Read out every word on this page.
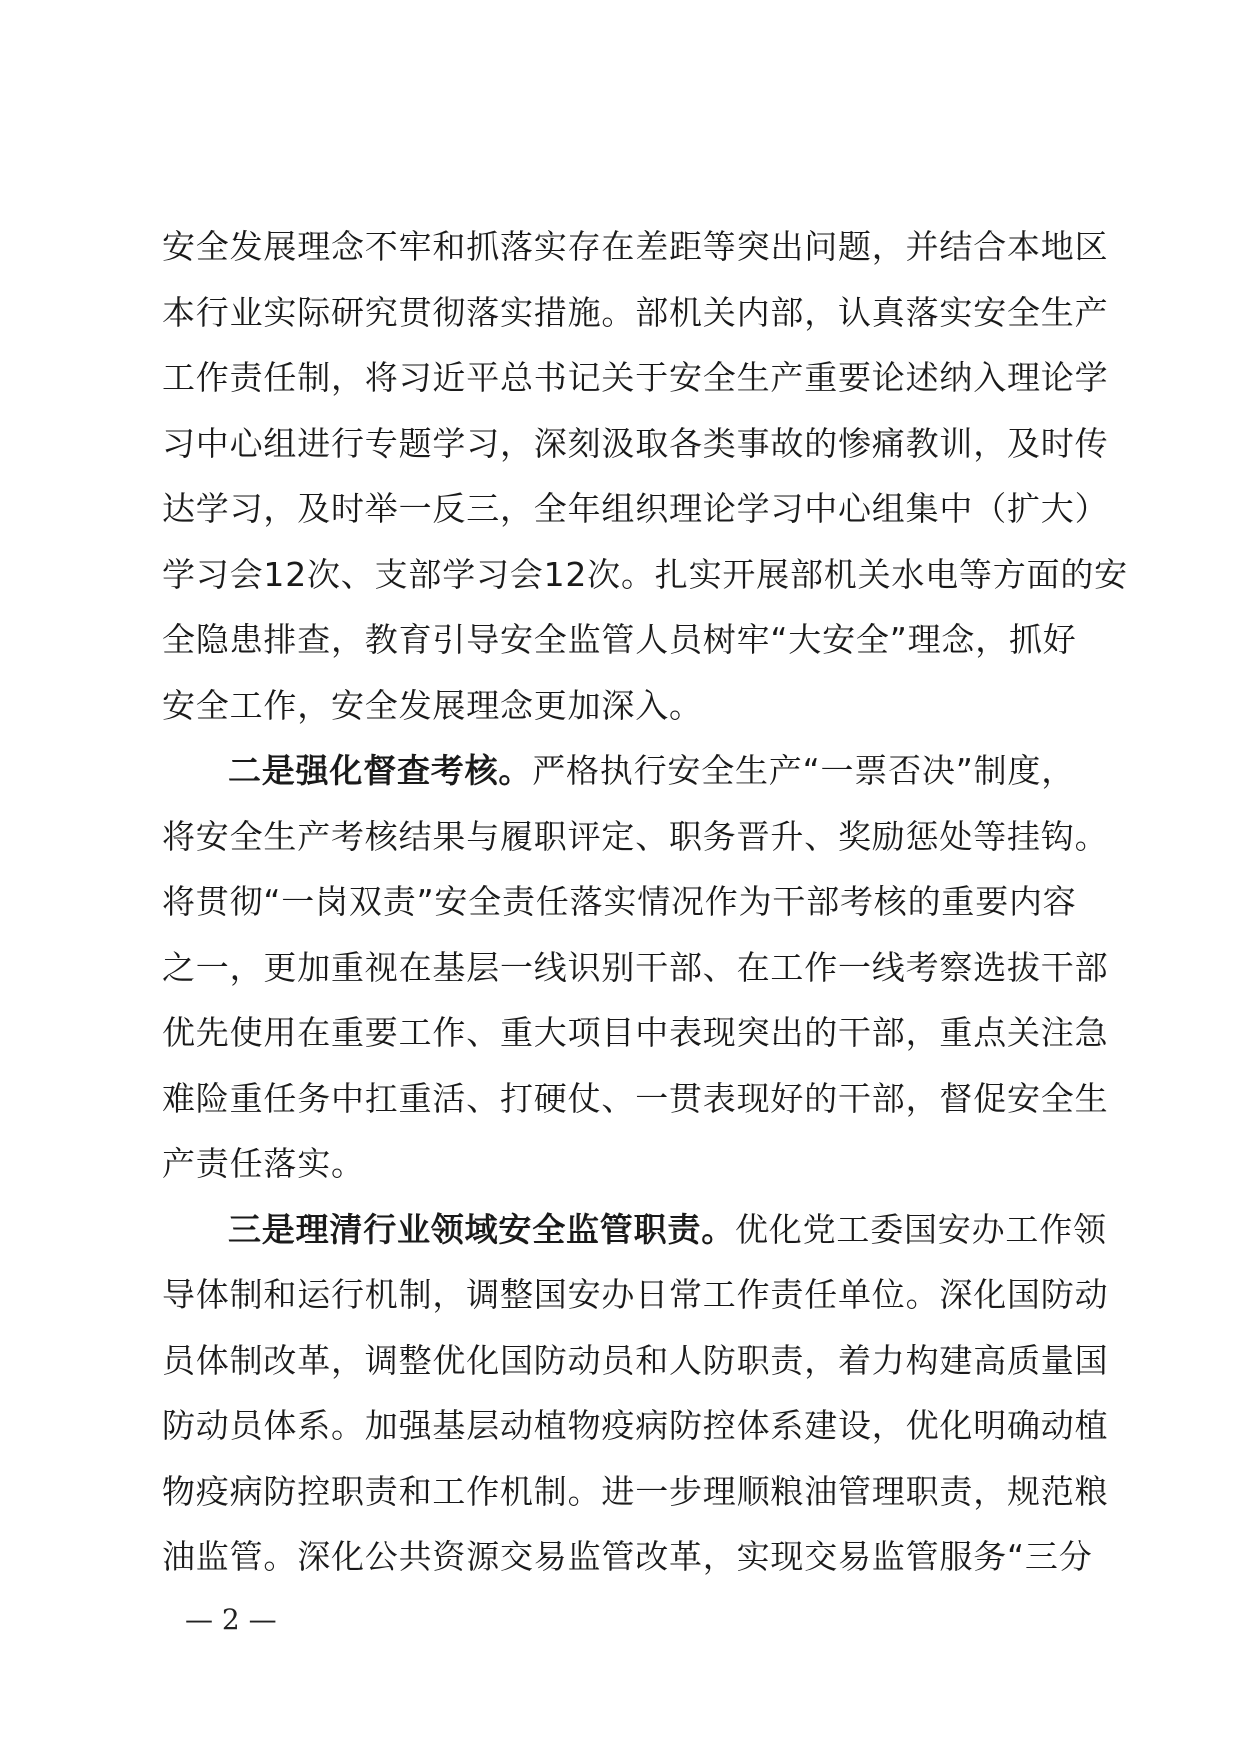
安全发展理念不牢和抓落实存在差距等突出问题，并结合本地区
本行业实际研究贯彻落实措施。部机关内部，认真落实安全生产
工作责任制，将习近平总书记关于安全生产重要论述纳入理论学
习中心组进行专题学习，深刻汲取各类事故的惨痛教训，及时传
达学习，及时举一反三，全年组织理论学习中心组集中（扩大）
学习会12次、支部学习会12次。扎实开展部机关水电等方面的安
全隐患排查，教育引导安全监管人员树牢“大安全”理念，抓好
安全工作，安全发展理念更加深入。
二是强化督查考核。严格执行安全生产“一票否决”制度，
将安全生产考核结果与履职评定、职务晋升、奖励惩处等挂钩。
将贯彻“一岗双责”安全责任落实情况作为干部考核的重要内容
之一，更加重视在基层一线识别干部、在工作一线考察选拔干部
优先使用在重要工作、重大项目中表现突出的干部，重点关注急
难险重任务中扛重活、打硬仗、一贯表现好的干部，督促安全生
产责任落实。
三是理清行业领域安全监管职责。优化党工委国安办工作领
导体制和运行机制，调整国安办日常工作责任单位。深化国防动
员体制改革，调整优化国防动员和人防职责，着力构建高质量国
防动员体系。加强基层动植物疫病防控体系建设，优化明确动植
物疫病防控职责和工作机制。进一步理顺粮油管理职责，规范粮
油监管。深化公共资源交易监管改革，实现交易监管服务“三分
— 2 —
